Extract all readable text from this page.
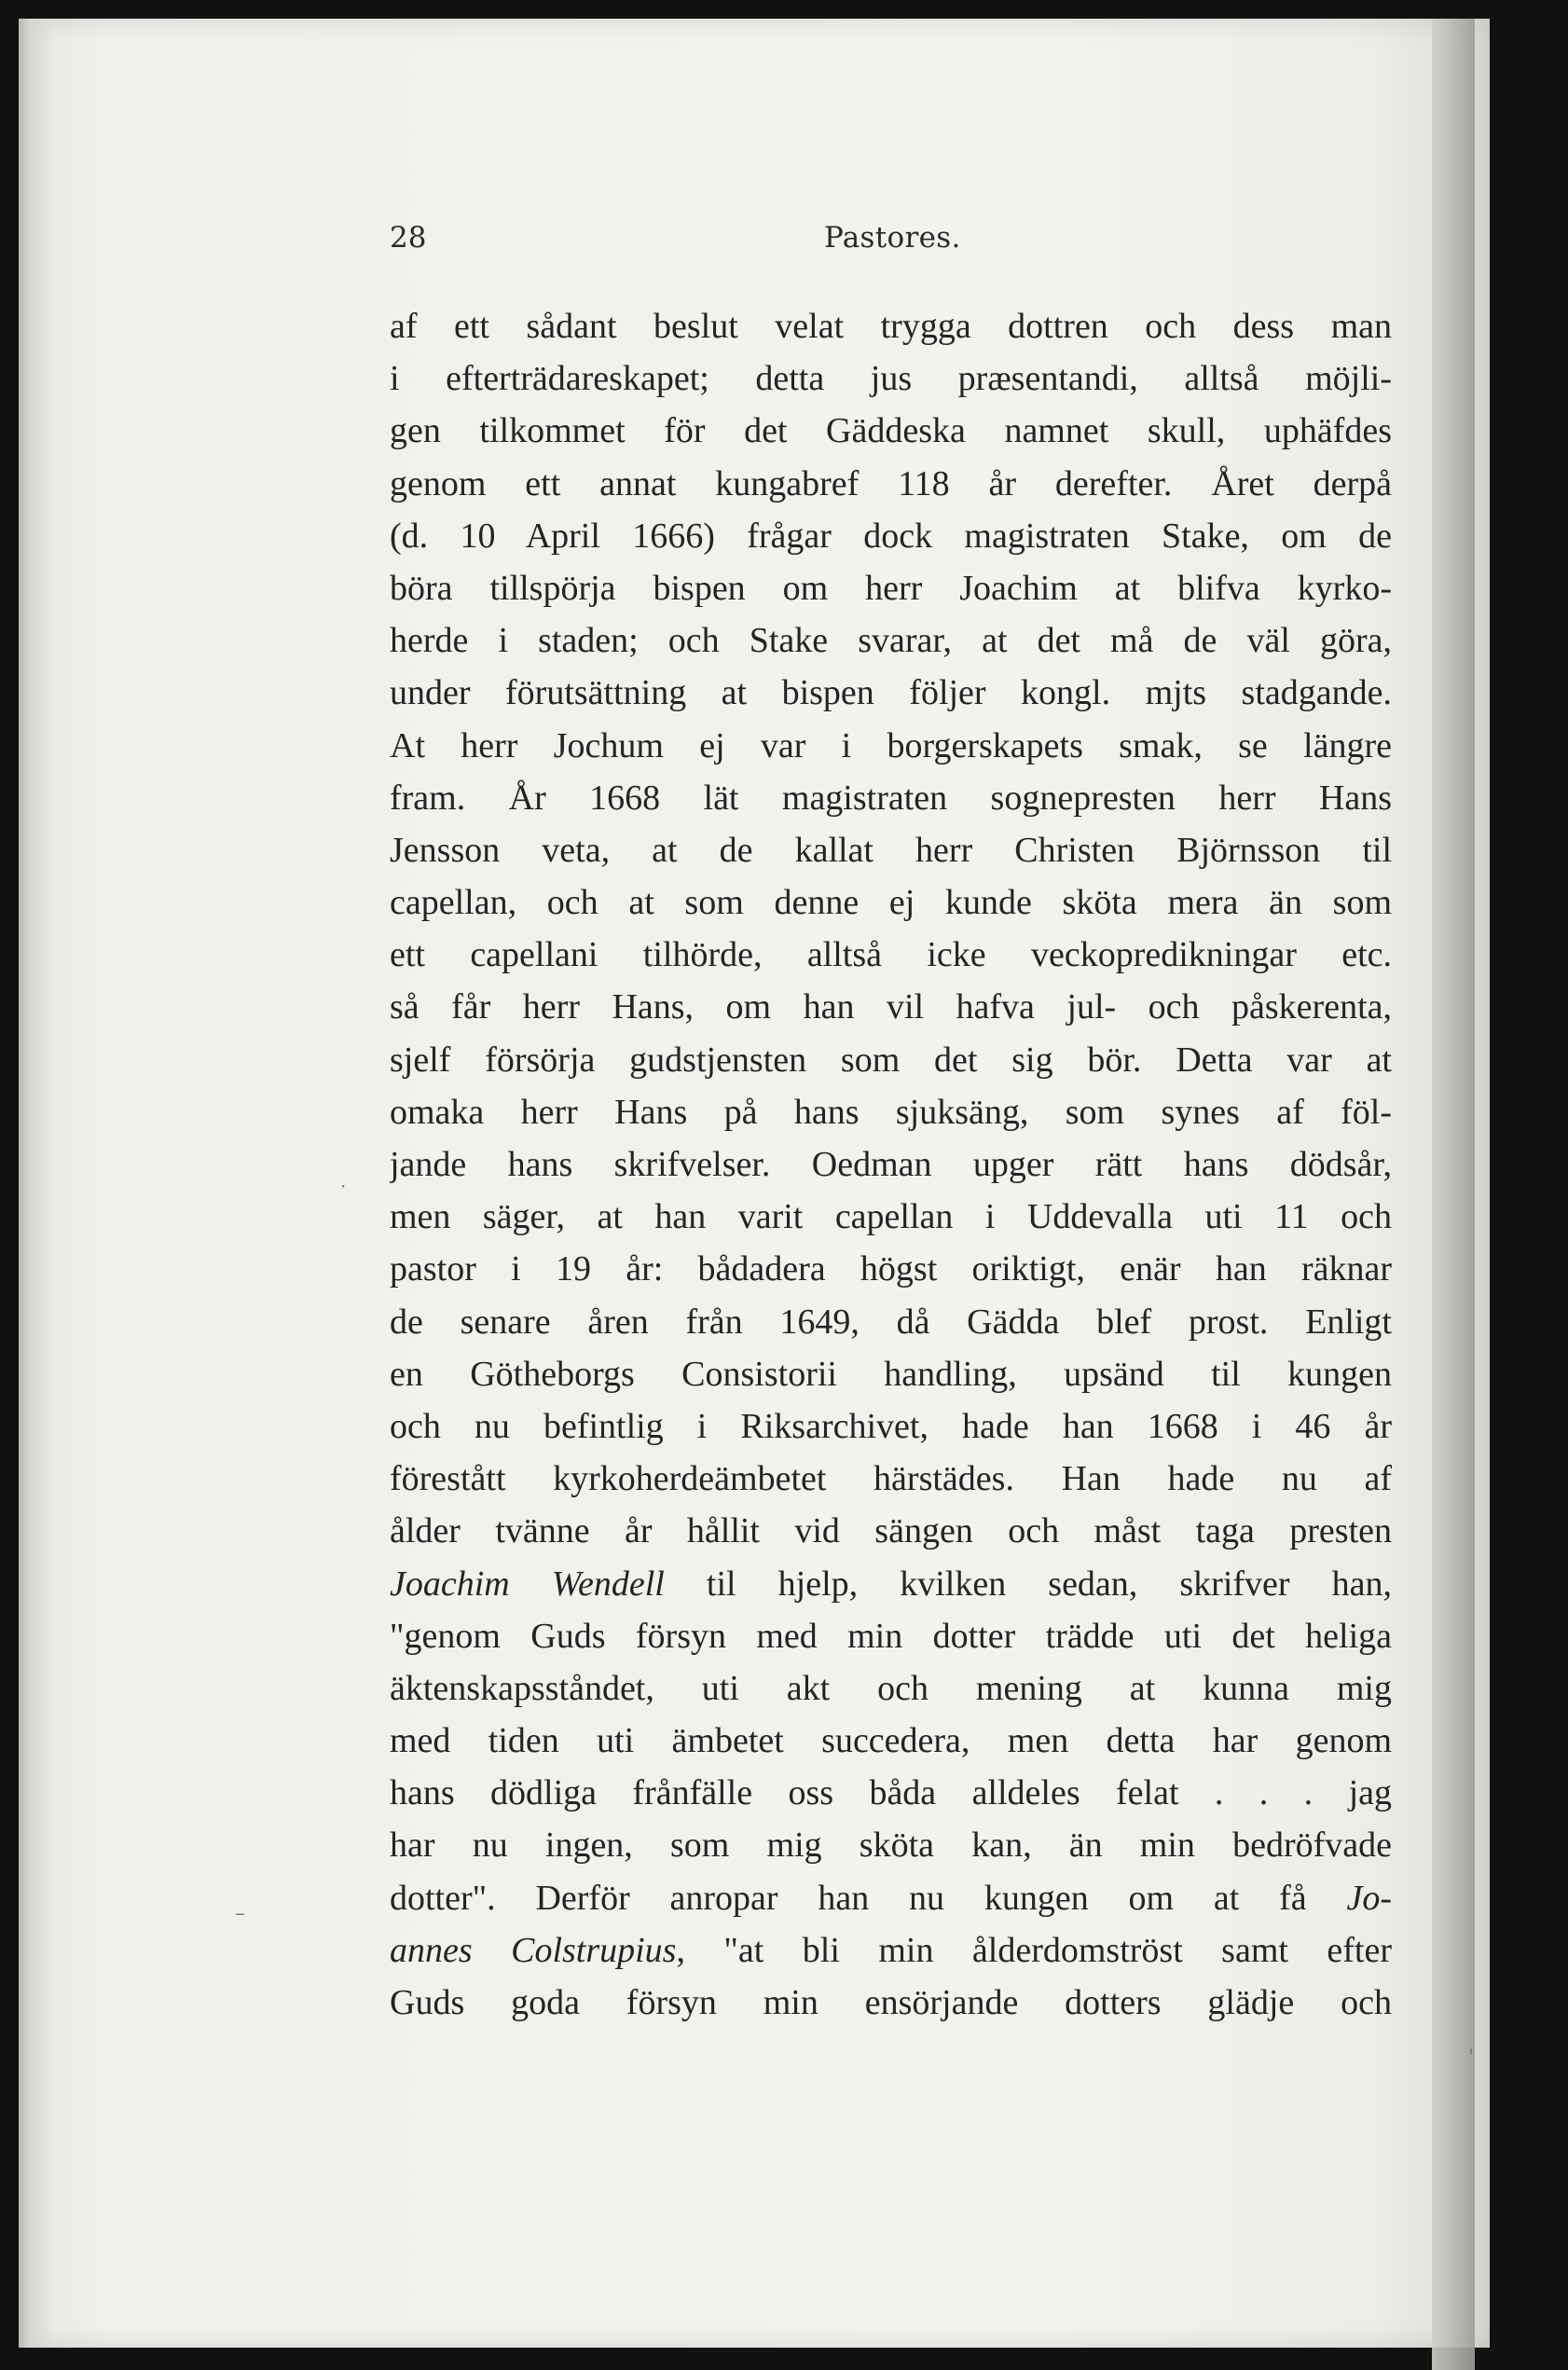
28	Pastores.
af ett sådant beslut velat trygga dottren och dess man
i efterträdareskapet; detta jus præsentandi, alltså möjli-
gen tilkommet för det Gäddeska namnet skull, uphäfdes
genom ett annat kungabref 118 år derefter. Året derpå
(d. 10 April 1666) frågar dock magistraten Stake, om de
böra tillspörja bispen om herr Joachim at blifva kyrko-
herde i staden; och Stake svarar, at det må de väl göra,
under förutsättning at bispen följer kongl. mjts stadgande.
At herr Jochum ej var i borgerskapets smak, se längre
fram. År 1668 lät magistraten sognepresten herr Hans
Jensson veta, at de kallat herr Christen Björnsson til
capellan, och at som denne ej kunde sköta mera än som
ett capellani tilhörde, alltså icke veckopredikningar etc.
så får herr Hans, om han vil hafva jul- och påskerenta,
sjelf försörja gudstjensten som det sig bör. Detta var at
omaka herr Hans på hans sjuksäng, som synes af föl-
jande hans skrifvelser. Oedman upger rätt hans dödsår,
men säger, at han varit capellan i Uddevalla uti 11 och
pastor i 19 år: bådadera högst oriktigt, enär han räknar
de senare åren från 1649, då Gädda blef prost. Enligt
en Götheborgs Consistorii handling, upsänd til kungen
och nu befintlig i Riksarchivet, hade han 1668 i 46 år
förestått kyrkoherdeämbetet härstädes. Han hade nu af
ålder tvänne år hållit vid sängen och måst taga presten
Joachim Wendell til hjelp, kvilken sedan, skrifver han,
"genom Guds försyn med min dotter trädde uti det heliga
äktenskapsståndet, uti akt och mening at kunna mig
med tiden uti ämbetet succedera, men detta har genom
hans dödliga frånfälle oss båda alldeles felat . . . jag
har nu ingen, som mig sköta kan, än min bedröfvade
dotter". Derför anropar han nu kungen om at få Jo-
annes Colstrupius, "at bli min ålderdomströst samt efter
Guds goda försyn min ensörjande dotters glädje och
·
–
'
